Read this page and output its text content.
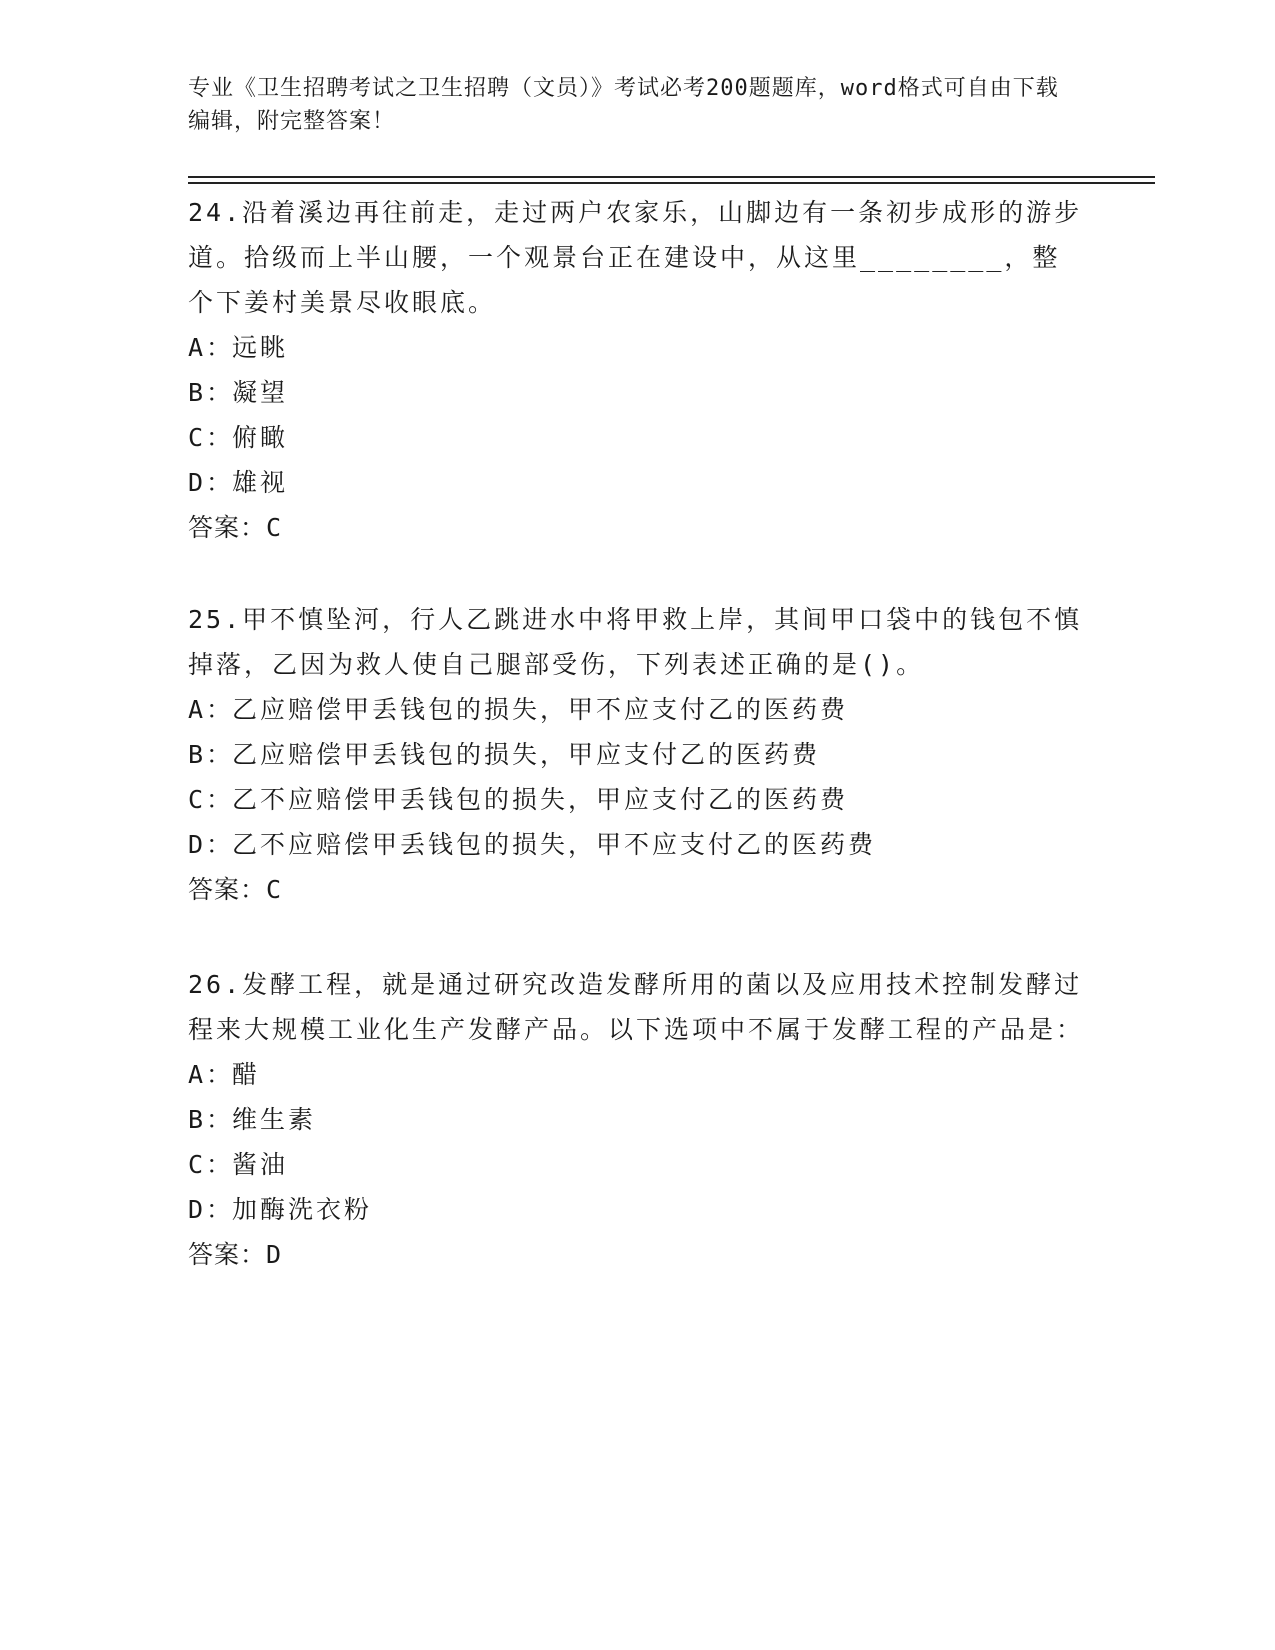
专业《卫生招聘考试之卫生招聘（文员）》考试必考200题题库，word格式可自由下载编辑，附完整答案！
24.沿着溪边再往前走，走过两户农家乐，山脚边有一条初步成形的游步道。拾级而上半山腰，一个观景台正在建设中，从这里________，整个下姜村美景尽收眼底。
A：
远眺
B：
凝望
C：
俯瞰
D：
雄视
答案：C
25.甲不慎坠河，行人乙跳进水中将甲救上岸，其间甲口袋中的钱包不慎掉落，乙因为救人使自己腿部受伤，下列表述正确的是()。
A：
乙应赔偿甲丢钱包的损失，甲不应支付乙的医药费
B：
乙应赔偿甲丢钱包的损失，甲应支付乙的医药费
C：
乙不应赔偿甲丢钱包的损失，甲应支付乙的医药费
D：
乙不应赔偿甲丢钱包的损失，甲不应支付乙的医药费
答案：C
26.发酵工程，就是通过研究改造发酵所用的菌以及应用技术控制发酵过程来大规模工业化生产发酵产品。以下选项中不属于发酵工程的产品是：
A：
醋
B：
维生素
C：
酱油
D：
加酶洗衣粉
答案：D
